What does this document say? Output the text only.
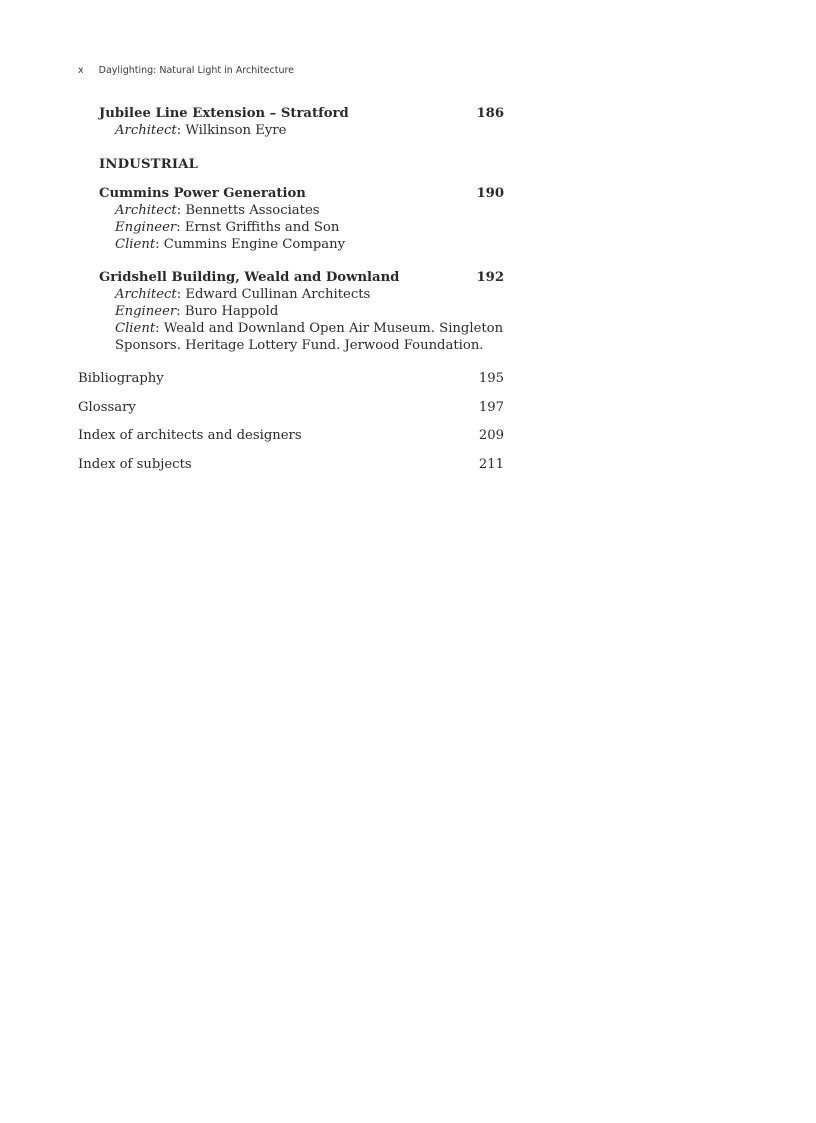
x Daylighting: Natural Light in Architecture
Jubilee Line Extension – Stratford	186
Architect: Wilkinson Eyre
INDUSTRIAL
Cummins Power Generation	190
Architect: Bennetts Associates
Engineer: Ernst Griffiths and Son
Client: Cummins Engine Company
Gridshell Building, Weald and Downland	192
Architect: Edward Cullinan Architects
Engineer: Buro Happold
Client: Weald and Downland Open Air Museum. Singleton
Sponsors. Heritage Lottery Fund. Jerwood Foundation.
Bibliography	195
Glossary	197
Index of architects and designers	209
Index of subjects	211
